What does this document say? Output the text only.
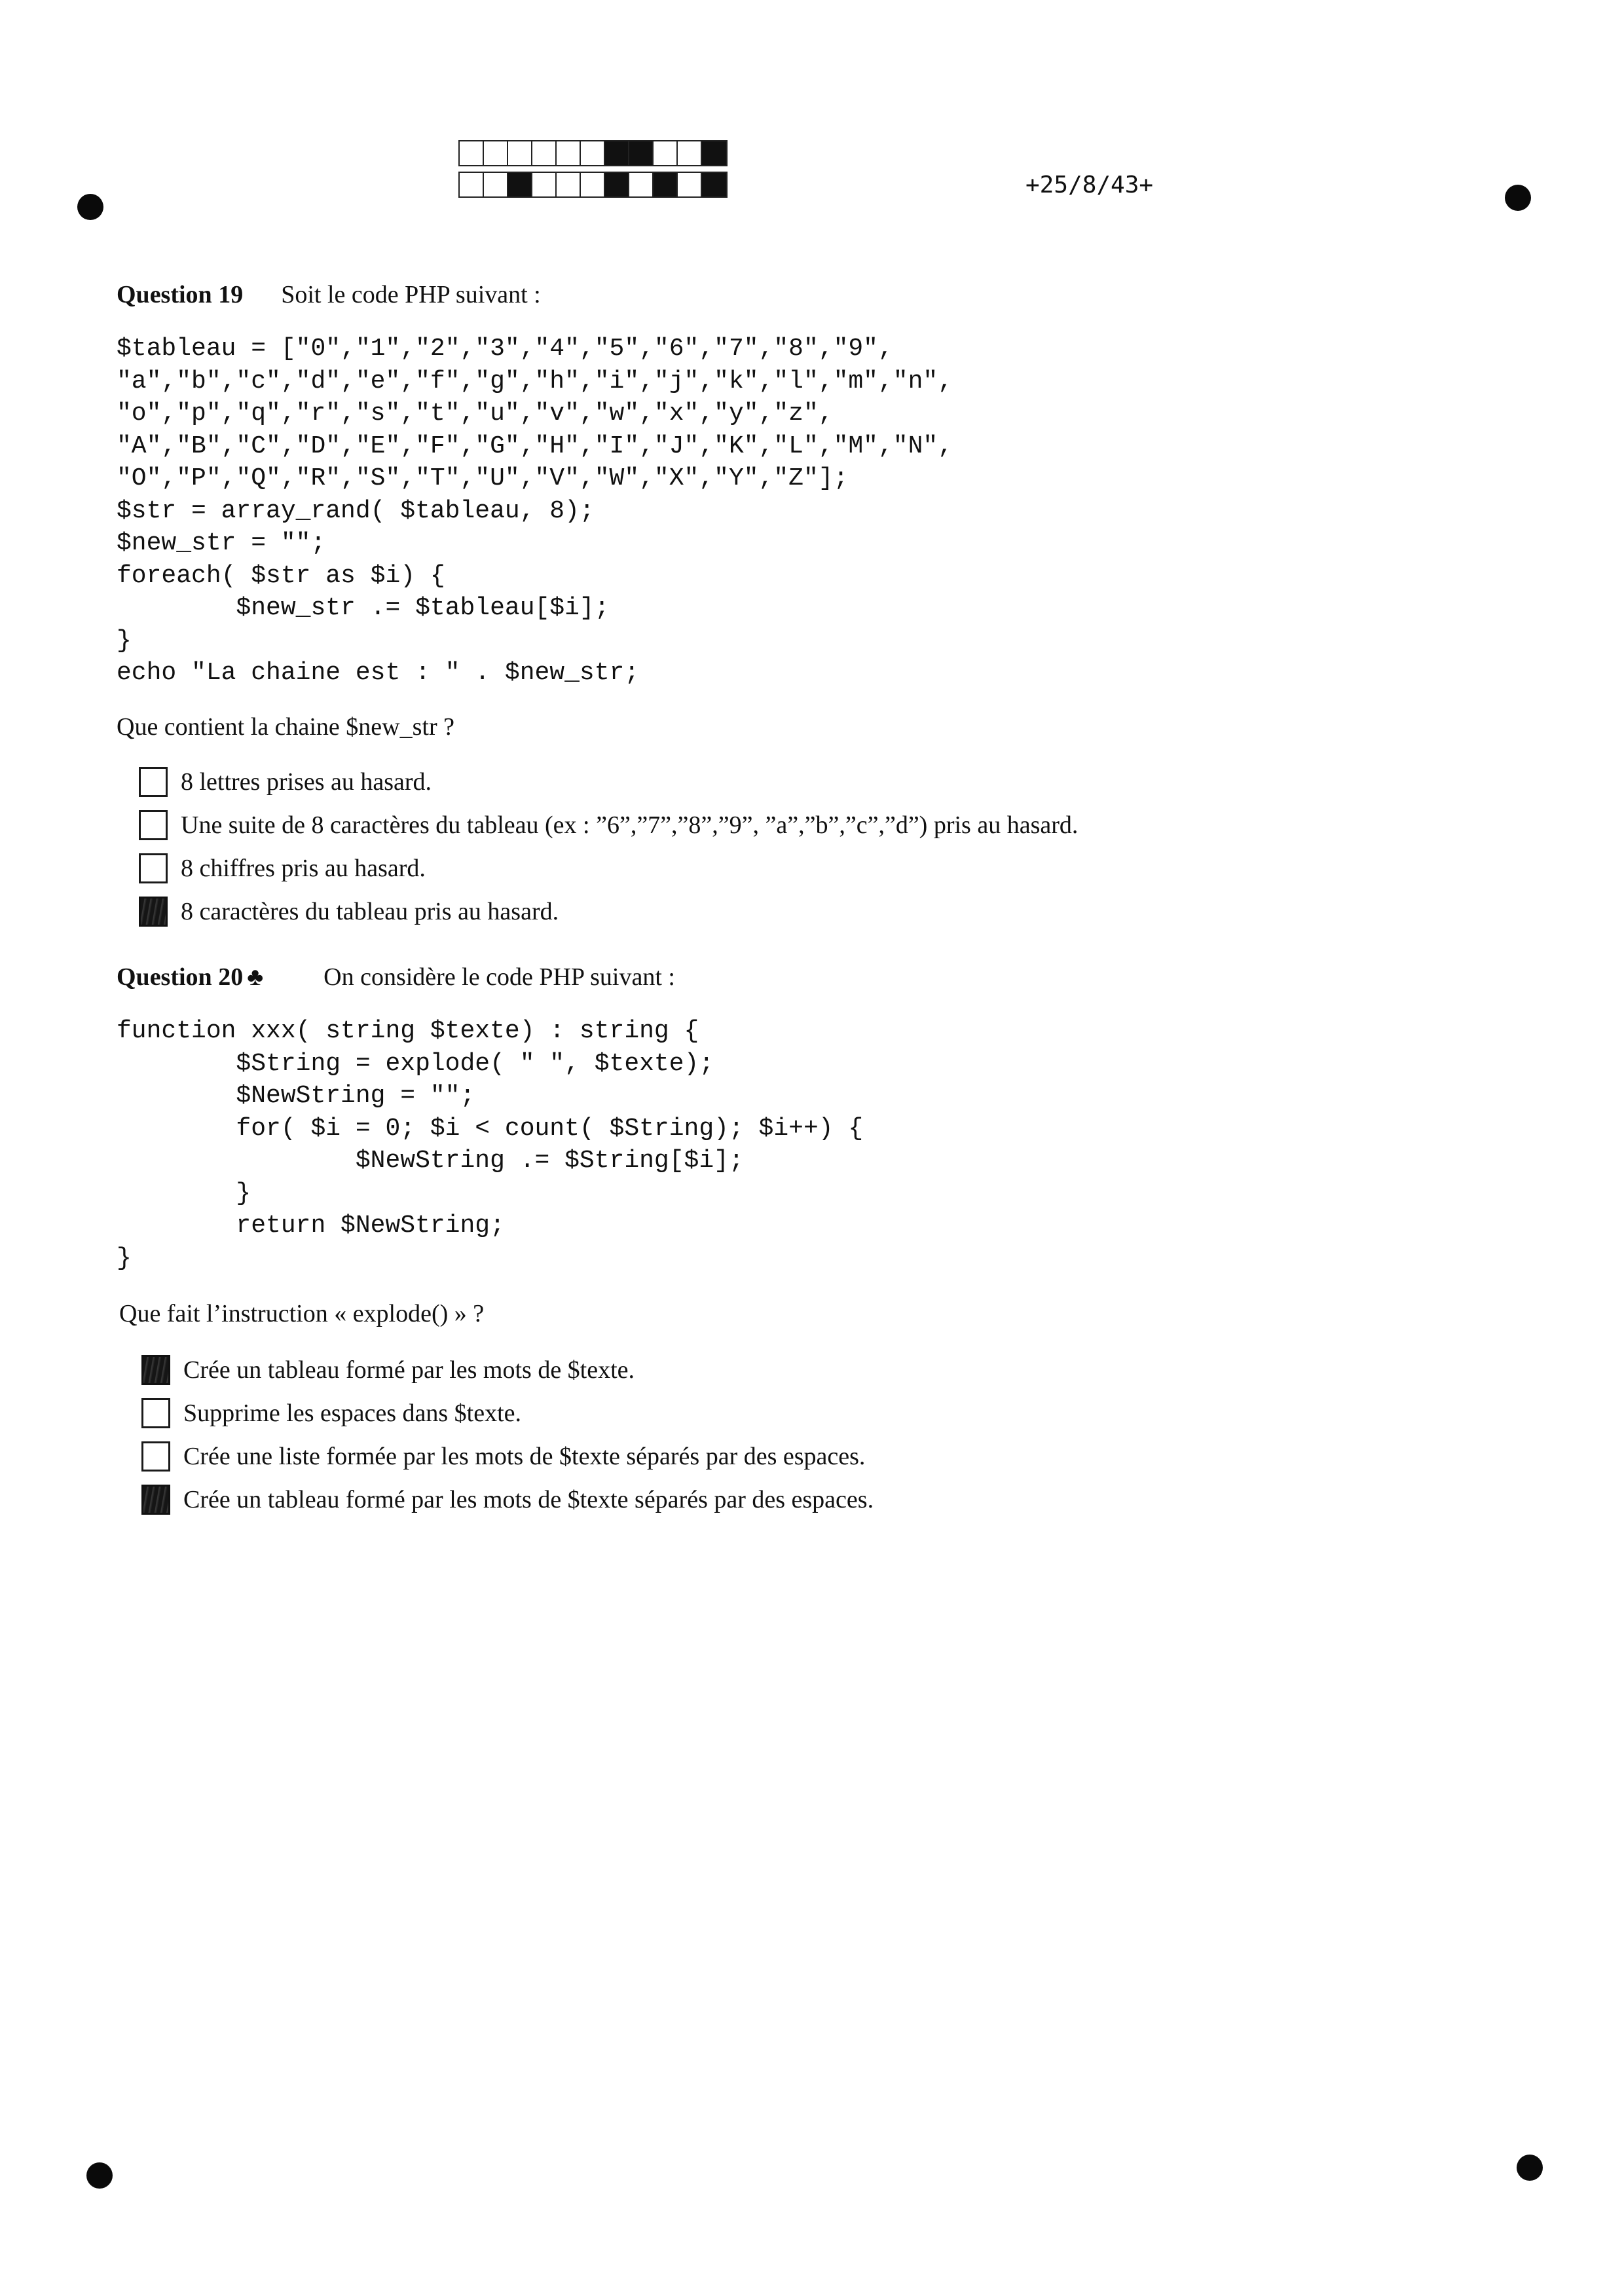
+25/8/43+
Question 19 Soit le code PHP suivant :
$tableau = ["0","1","2","3","4","5","6","7","8","9",
"a","b","c","d","e","f","g","h","i","j","k","l","m","n",
"o","p","q","r","s","t","u","v","w","x","y","z",
"A","B","C","D","E","F","G","H","I","J","K","L","M","N",
"O","P","Q","R","S","T","U","V","W","X","Y","Z"];
$str = array_rand( $tableau, 8);
$new_str = "";
foreach( $str as $i) {
$new_str .= $tableau[$i];
}
echo "La chaine est : " . $new_str;
Que contient la chaine $new_str ?
8 lettres prises au hasard.
Une suite de 8 caractères du tableau (ex : ”6”,”7”,”8”,”9”, ”a”,”b”,”c”,”d”) pris au hasard.
8 chiffres pris au hasard.
8 caractères du tableau pris au hasard.
Question 20 ♣ On considère le code PHP suivant :
function xxx( string $texte) : string {
$String = explode( " ", $texte);
$NewString = "";
for( $i = 0; $i < count( $String); $i++) {
$NewString .= $String[$i];
}
return $NewString;
}
Que fait l’instruction « explode() » ?
Crée un tableau formé par les mots de $texte.
Supprime les espaces dans $texte.
Crée une liste formée par les mots de $texte séparés par des espaces.
Crée un tableau formé par les mots de $texte séparés par des espaces.
